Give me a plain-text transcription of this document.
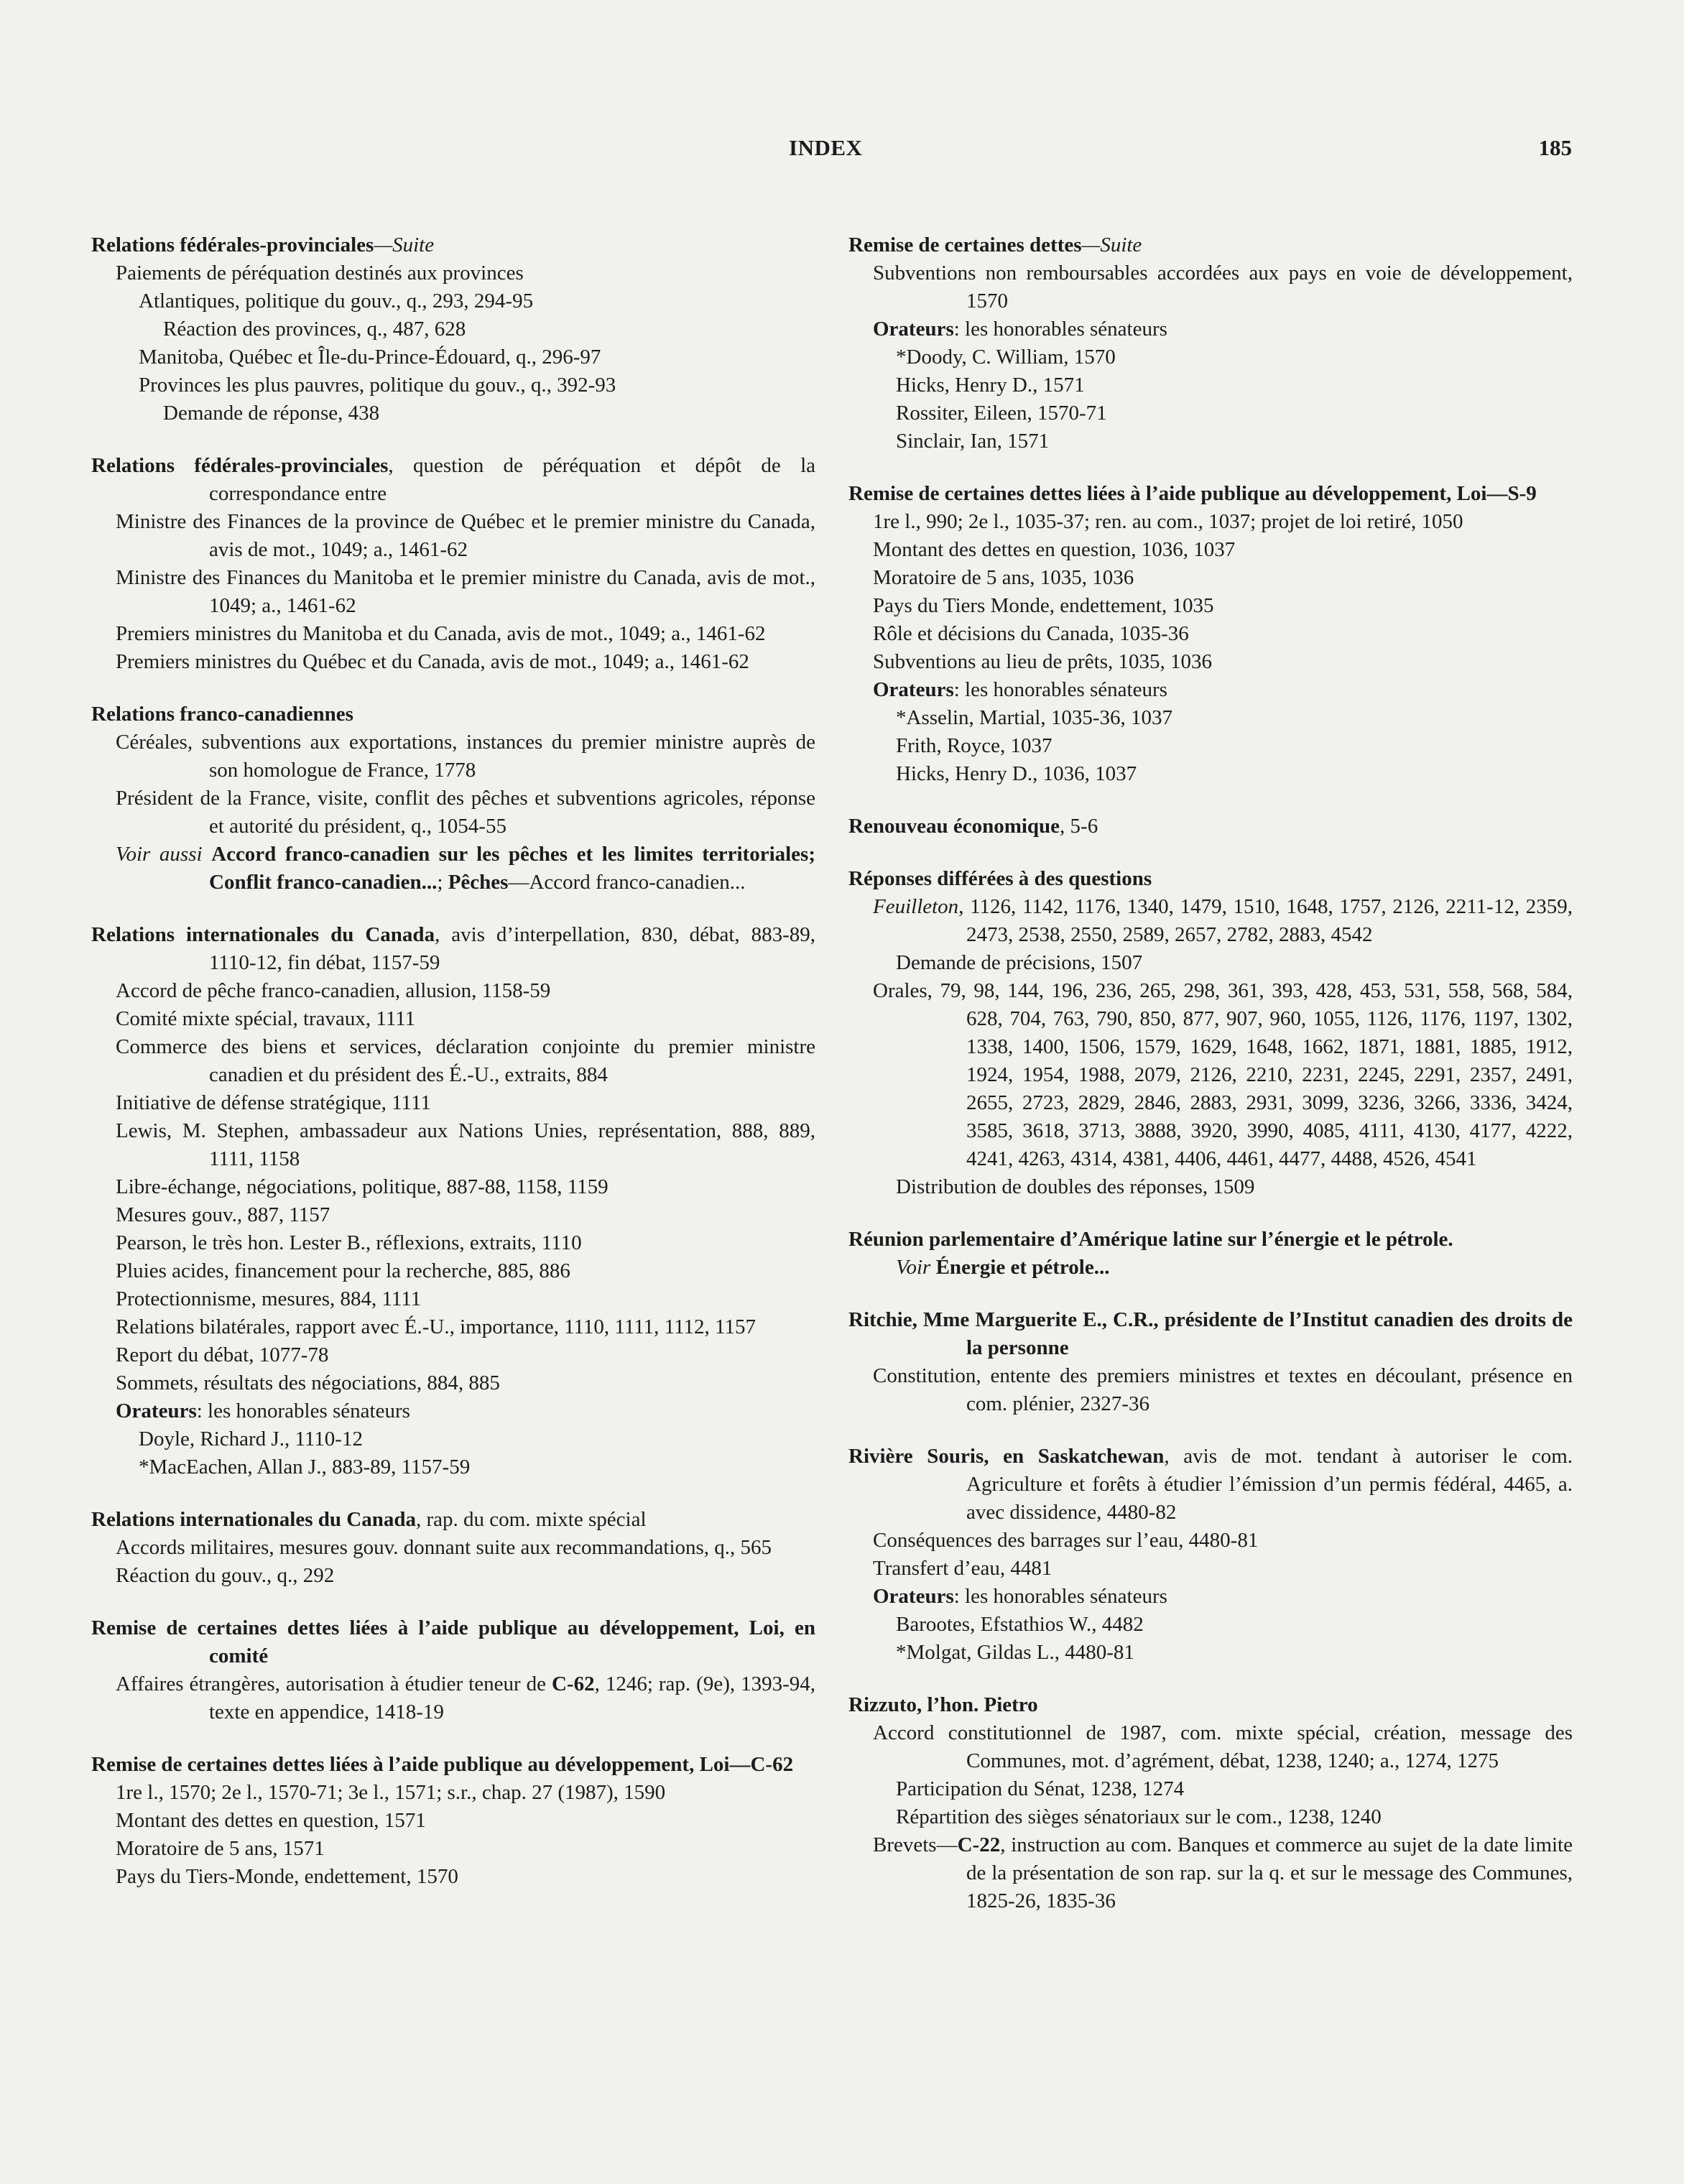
INDEX	185
Relations fédérales-provinciales—Suite
Paiements de péréquation destinés aux provinces
Atlantiques, politique du gouv., q., 293, 294-95
Réaction des provinces, q., 487, 628
Manitoba, Québec et Île-du-Prince-Édouard, q., 296-97
Provinces les plus pauvres, politique du gouv., q., 392-93
Demande de réponse, 438
Relations fédérales-provinciales, question de péréquation et dépôt de la correspondance entre
Ministre des Finances de la province de Québec et le premier ministre du Canada, avis de mot., 1049; a., 1461-62
Ministre des Finances du Manitoba et le premier ministre du Canada, avis de mot., 1049; a., 1461-62
Premiers ministres du Manitoba et du Canada, avis de mot., 1049; a., 1461-62
Premiers ministres du Québec et du Canada, avis de mot., 1049; a., 1461-62
Relations franco-canadiennes
Céréales, subventions aux exportations, instances du premier ministre auprès de son homologue de France, 1778
Président de la France, visite, conflit des pêches et subventions agricoles, réponse et autorité du président, q., 1054-55
Voir aussi Accord franco-canadien sur les pêches et les limites territoriales; Conflit franco-canadien...; Pêches—Accord franco-canadien...
Relations internationales du Canada, avis d’interpellation, 830, débat, 883-89, 1110-12, fin débat, 1157-59
Accord de pêche franco-canadien, allusion, 1158-59
Comité mixte spécial, travaux, 1111
Commerce des biens et services, déclaration conjointe du premier ministre canadien et du président des É.-U., extraits, 884
Initiative de défense stratégique, 1111
Lewis, M. Stephen, ambassadeur aux Nations Unies, représentation, 888, 889, 1111, 1158
Libre-échange, négociations, politique, 887-88, 1158, 1159
Mesures gouv., 887, 1157
Pearson, le très hon. Lester B., réflexions, extraits, 1110
Pluies acides, financement pour la recherche, 885, 886
Protectionnisme, mesures, 884, 1111
Relations bilatérales, rapport avec É.-U., importance, 1110, 1111, 1112, 1157
Report du débat, 1077-78
Sommets, résultats des négociations, 884, 885
Orateurs: les honorables sénateurs
Doyle, Richard J., 1110-12
*MacEachen, Allan J., 883-89, 1157-59
Relations internationales du Canada, rap. du com. mixte spécial
Accords militaires, mesures gouv. donnant suite aux recommandations, q., 565
Réaction du gouv., q., 292
Remise de certaines dettes liées à l’aide publique au développement, Loi, en comité
Affaires étrangères, autorisation à étudier teneur de C-62, 1246; rap. (9e), 1393-94, texte en appendice, 1418-19
Remise de certaines dettes liées à l’aide publique au développement, Loi—C-62
1re l., 1570; 2e l., 1570-71; 3e l., 1571; s.r., chap. 27 (1987), 1590
Montant des dettes en question, 1571
Moratoire de 5 ans, 1571
Pays du Tiers-Monde, endettement, 1570
Remise de certaines dettes—Suite
Subventions non remboursables accordées aux pays en voie de développement, 1570
Orateurs: les honorables sénateurs
*Doody, C. William, 1570
Hicks, Henry D., 1571
Rossiter, Eileen, 1570-71
Sinclair, Ian, 1571
Remise de certaines dettes liées à l’aide publique au développement, Loi—S-9
1re l., 990; 2e l., 1035-37; ren. au com., 1037; projet de loi retiré, 1050
Montant des dettes en question, 1036, 1037
Moratoire de 5 ans, 1035, 1036
Pays du Tiers Monde, endettement, 1035
Rôle et décisions du Canada, 1035-36
Subventions au lieu de prêts, 1035, 1036
Orateurs: les honorables sénateurs
*Asselin, Martial, 1035-36, 1037
Frith, Royce, 1037
Hicks, Henry D., 1036, 1037
Renouveau économique, 5-6
Réponses différées à des questions
Feuilleton, 1126, 1142, 1176, 1340, 1479, 1510, 1648, 1757, 2126, 2211-12, 2359, 2473, 2538, 2550, 2589, 2657, 2782, 2883, 4542
Demande de précisions, 1507
Orales, 79, 98, 144, 196, 236, 265, 298, 361, 393, 428, 453, 531, 558, 568, 584, 628, 704, 763, 790, 850, 877, 907, 960, 1055, 1126, 1176, 1197, 1302, 1338, 1400, 1506, 1579, 1629, 1648, 1662, 1871, 1881, 1885, 1912, 1924, 1954, 1988, 2079, 2126, 2210, 2231, 2245, 2291, 2357, 2491, 2655, 2723, 2829, 2846, 2883, 2931, 3099, 3236, 3266, 3336, 3424, 3585, 3618, 3713, 3888, 3920, 3990, 4085, 4111, 4130, 4177, 4222, 4241, 4263, 4314, 4381, 4406, 4461, 4477, 4488, 4526, 4541
Distribution de doubles des réponses, 1509
Réunion parlementaire d’Amérique latine sur l’énergie et le pétrole.
Voir Énergie et pétrole...
Ritchie, Mme Marguerite E., C.R., présidente de l’Institut canadien des droits de la personne
Constitution, entente des premiers ministres et textes en découlant, présence en com. plénier, 2327-36
Rivière Souris, en Saskatchewan, avis de mot. tendant à autoriser le com. Agriculture et forêts à étudier l’émission d’un permis fédéral, 4465, a. avec dissidence, 4480-82
Conséquences des barrages sur l’eau, 4480-81
Transfert d’eau, 4481
Orateurs: les honorables sénateurs
Barootes, Efstathios W., 4482
*Molgat, Gildas L., 4480-81
Rizzuto, l’hon. Pietro
Accord constitutionnel de 1987, com. mixte spécial, création, message des Communes, mot. d’agrément, débat, 1238, 1240; a., 1274, 1275
Participation du Sénat, 1238, 1274
Répartition des sièges sénatoriaux sur le com., 1238, 1240
Brevets—C-22, instruction au com. Banques et commerce au sujet de la date limite de la présentation de son rap. sur la q. et sur le message des Communes, 1825-26, 1835-36
